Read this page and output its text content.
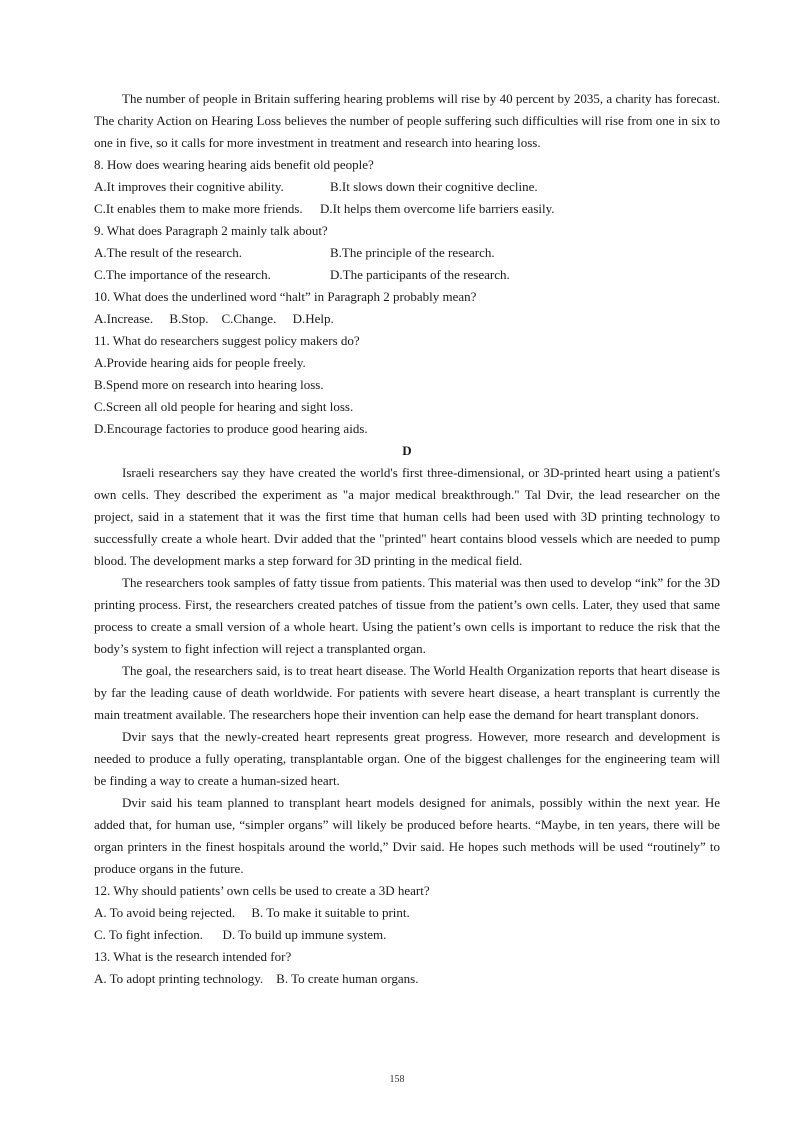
The number of people in Britain suffering hearing problems will rise by 40 percent by 2035, a charity has forecast. The charity Action on Hearing Loss believes the number of people suffering such difficulties will rise from one in six to one in five, so it calls for more investment in treatment and research into hearing loss.

8. How does wearing hearing aids benefit old people?

A.It improves their cognitive ability.	B.It slows down their cognitive decline.
C.It enables them to make more friends.	D.It helps them overcome life barriers easily.

9. What does Paragraph 2 mainly talk about?

A.The result of the research.	B.The principle of the research.
C.The importance of the research.	D.The participants of the research.

10. What does the underlined word “halt” in Paragraph 2 probably mean?

A.Increase.     B.Stop.    C.Change.     D.Help.

11. What do researchers suggest policy makers do?

A.Provide hearing aids for people freely.

B.Spend more on research into hearing loss.

C.Screen all old people for hearing and sight loss.

D.Encourage factories to produce good hearing aids.

D

Israeli researchers say they have created the world's first three-dimensional, or 3D-printed heart using a patient's own cells. They described the experiment as "a major medical breakthrough." Tal Dvir, the lead researcher on the project, said in a statement that it was the first time that human cells had been used with 3D printing technology to successfully create a whole heart. Dvir added that the "printed" heart contains blood vessels which are needed to pump blood. The development marks a step forward for 3D printing in the medical field.

The researchers took samples of fatty tissue from patients. This material was then used to develop “ink” for the 3D printing process. First, the researchers created patches of tissue from the patient’s own cells. Later, they used that same process to create a small version of a whole heart. Using the patient’s own cells is important to reduce the risk that the body’s system to fight infection will reject a transplanted organ.

The goal, the researchers said, is to treat heart disease. The World Health Organization reports that heart disease is by far the leading cause of death worldwide. For patients with severe heart disease, a heart transplant is currently the main treatment available. The researchers hope their invention can help ease the demand for heart transplant donors.

Dvir says that the newly-created heart represents great progress. However, more research and development is needed to produce a fully operating, transplantable organ. One of the biggest challenges for the engineering team will be finding a way to create a human-sized heart.

Dvir said his team planned to transplant heart models designed for animals, possibly within the next year. He added that, for human use, “simpler organs” will likely be produced before hearts. “Maybe, in ten years, there will be organ printers in the finest hospitals around the world,” Dvir said. He hopes such methods will be used “routinely” to produce organs in the future.

12. Why should patients’ own cells be used to create a 3D heart?

A. To avoid being rejected.     B. To make it suitable to print.

C. To fight infection.      D. To build up immune system.

13. What is the research intended for?

A. To adopt printing technology.    B. To create human organs.

158
